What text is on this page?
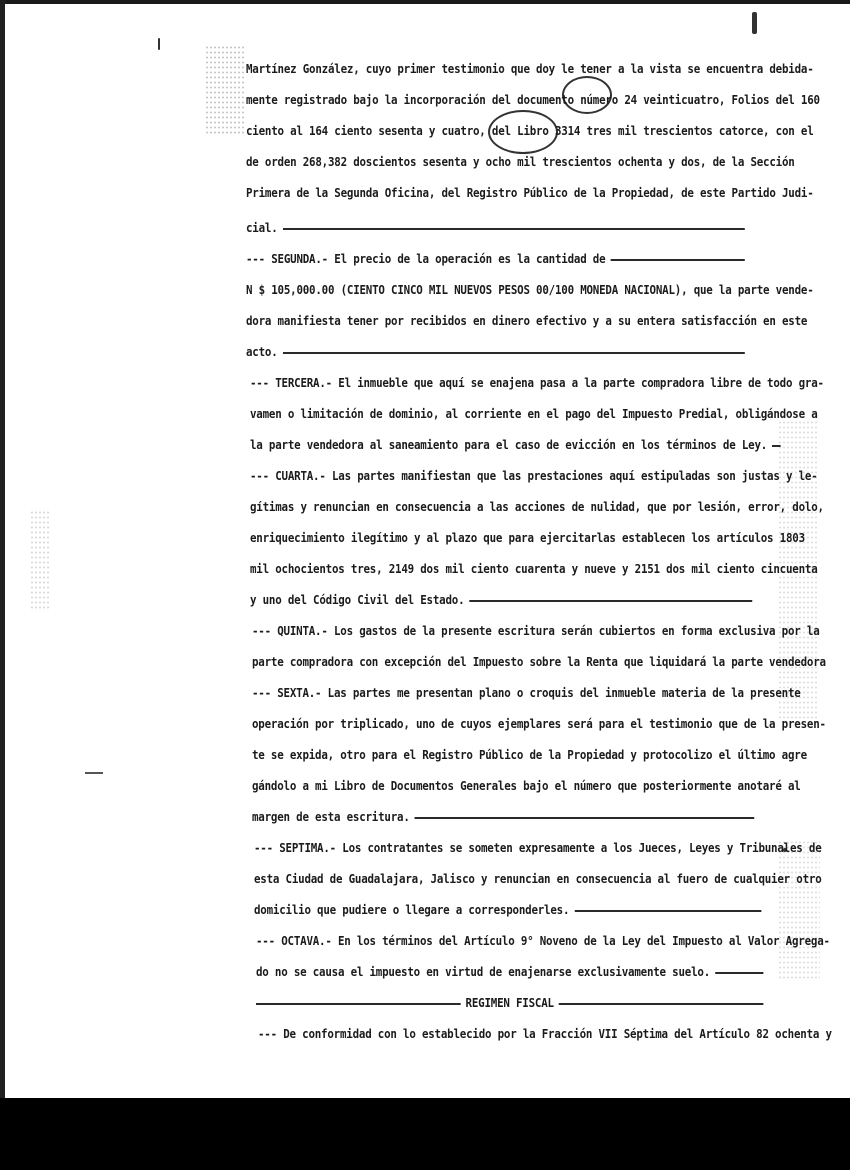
Martínez González, cuyo primer testimonio que doy le tener a la vista se encuentra debida-
mente registrado bajo la incorporación del documento número 24 veinticuatro, Folios del 160
ciento al 164 ciento sesenta y cuatro, del Libro 3314 tres mil trescientos catorce, con el
de orden 268,382 doscientos sesenta y ocho mil trescientos ochenta y dos, de la Sección
Primera de la Segunda Oficina, del Registro Público de la Propiedad, de este Partido Judi-
cial.
--- SEGUNDA.- El precio de la operación es la cantidad de
N $ 105,000.00 (CIENTO CINCO MIL NUEVOS PESOS 00/100 MONEDA NACIONAL), que la parte vende-
dora manifiesta tener por recibidos en dinero efectivo y a su entera satisfacción en este
acto.
--- TERCERA.- El inmueble que aquí se enajena pasa a la parte compradora libre de todo gra-
vamen o limitación de dominio, al corriente en el pago del Impuesto Predial, obligándose a
la parte vendedora al saneamiento para el caso de evicción en los términos de Ley.
--- CUARTA.- Las partes manifiestan que las prestaciones aquí estipuladas son justas y le-
gítimas y renuncian en consecuencia a las acciones de nulidad, que por lesión, error, dolo,
enriquecimiento ilegítimo y al plazo que para ejercitarlas establecen los artículos 1803
mil ochocientos tres, 2149 dos mil ciento cuarenta y nueve y 2151 dos mil ciento cincuenta
y uno del Código Civil del Estado.
--- QUINTA.- Los gastos de la presente escritura serán cubiertos en forma exclusiva por la
parte compradora con excepción del Impuesto sobre la Renta que liquidará la parte vendedora
--- SEXTA.- Las partes me presentan plano o croquis del inmueble materia de la presente
operación por triplicado, uno de cuyos ejemplares será para el testimonio que de la presen-
te se expida, otro para el Registro Público de la Propiedad y protocolizo el último agre
gándolo a mi Libro de Documentos Generales bajo el número que posteriormente anotaré al
margen de esta escritura.
--- SEPTIMA.- Los contratantes se someten expresamente a los Jueces, Leyes y Tribunales de
esta Ciudad de Guadalajara, Jalisco y renuncian en consecuencia al fuero de cualquier otro
domicilio que pudiere o llegare a corresponderles.
--- OCTAVA.- En los términos del Artículo 9° Noveno de la Ley del Impuesto al Valor Agrega-
do no se causa el impuesto en virtud de enajenarse exclusivamente suelo.
REGIMEN FISCAL
--- De conformidad con lo establecido por la Fracción VII Séptima del Artículo 82 ochenta y
